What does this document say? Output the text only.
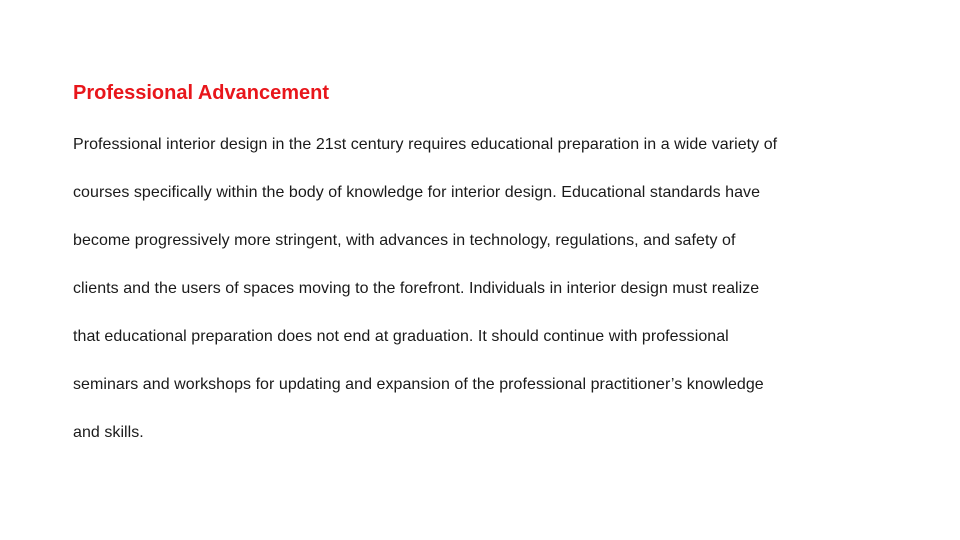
Professional Advancement
Professional interior design in the 21st century requires educational preparation in a wide variety of
courses specifically within the body of knowledge for interior design. Educational standards have
become progressively more stringent, with advances in technology, regulations, and safety of
clients and the users of spaces moving to the forefront. Individuals in interior design must realize
that educational preparation does not end at graduation. It should continue with professional
seminars and workshops for updating and expansion of the professional practitioner’s knowledge
and skills.
